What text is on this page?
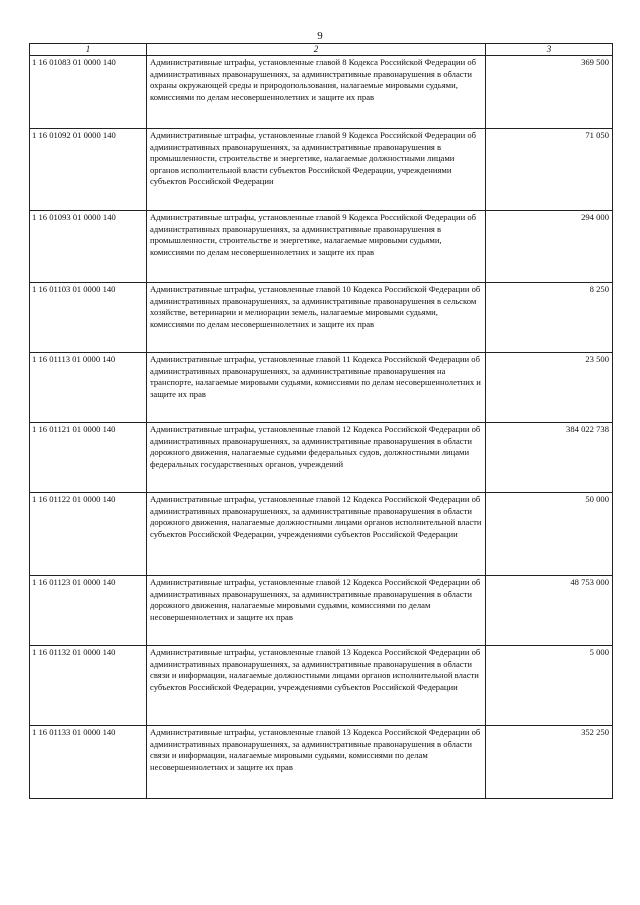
9
1	2	3
1 16 01083 01 0000 140	Административные штрафы, установленные главой 8 Кодекса Российской Федерации об административных правонарушениях, за административные правонарушения в области охраны окружающей среды и природопользования, налагаемые мировыми судьями, комиссиями по делам несовершеннолетних и защите их прав	369 500
1 16 01092 01 0000 140	Административные штрафы, установленные главой 9 Кодекса Российской Федерации об административных правонарушениях, за административные правонарушения в промышленности, строительстве и энергетике, налагаемые должностными лицами органов исполнительной власти субъектов Российской Федерации, учреждениями субъектов Российской Федерации	71 050
1 16 01093 01 0000 140	Административные штрафы, установленные главой 9 Кодекса Российской Федерации об административных правонарушениях, за административные правонарушения в промышленности, строительстве и энергетике, налагаемые мировыми судьями, комиссиями по делам несовершеннолетних и защите их прав	294 000
1 16 01103 01 0000 140	Административные штрафы, установленные главой 10 Кодекса Российской Федерации об административных правонарушениях, за административные правонарушения в сельском хозяйстве, ветеринарии и мелиорации земель, налагаемые мировыми судьями, комиссиями по делам несовершеннолетних и защите их прав	8 250
1 16 01113 01 0000 140	Административные штрафы, установленные главой 11 Кодекса Российской Федерации об административных правонарушениях, за административные правонарушения на транспорте, налагаемые мировыми судьями, комиссиями по делам несовершеннолетних и защите их прав	23 500
1 16 01121 01 0000 140	Административные штрафы, установленные главой 12 Кодекса Российской Федерации об административных правонарушениях, за административные правонарушения в области дорожного движения, налагаемые судьями федеральных судов, должностными лицами федеральных государственных органов, учреждений	384 022 738
1 16 01122 01 0000 140	Административные штрафы, установленные главой 12 Кодекса Российской Федерации об административных правонарушениях, за административные правонарушения в области дорожного движения, налагаемые должностными лицами органов исполнительной власти субъектов Российской Федерации, учреждениями субъектов Российской Федерации	50 000
1 16 01123 01 0000 140	Административные штрафы, установленные главой 12 Кодекса Российской Федерации об административных правонарушениях, за административные правонарушения в области дорожного движения, налагаемые мировыми судьями, комиссиями по делам несовершеннолетних и защите их прав	48 753 000
1 16 01132 01 0000 140	Административные штрафы, установленные главой 13 Кодекса Российской Федерации об административных правонарушениях, за административные правонарушения в области связи и информации, налагаемые должностными лицами органов исполнительной власти субъектов Российской Федерации, учреждениями субъектов Российской Федерации	5 000
1 16 01133 01 0000 140	Административные штрафы, установленные главой 13 Кодекса Российской Федерации об административных правонарушениях, за административные правонарушения в области связи и информации, налагаемые мировыми судьями, комиссиями по делам несовершеннолетних и защите их прав	352 250
